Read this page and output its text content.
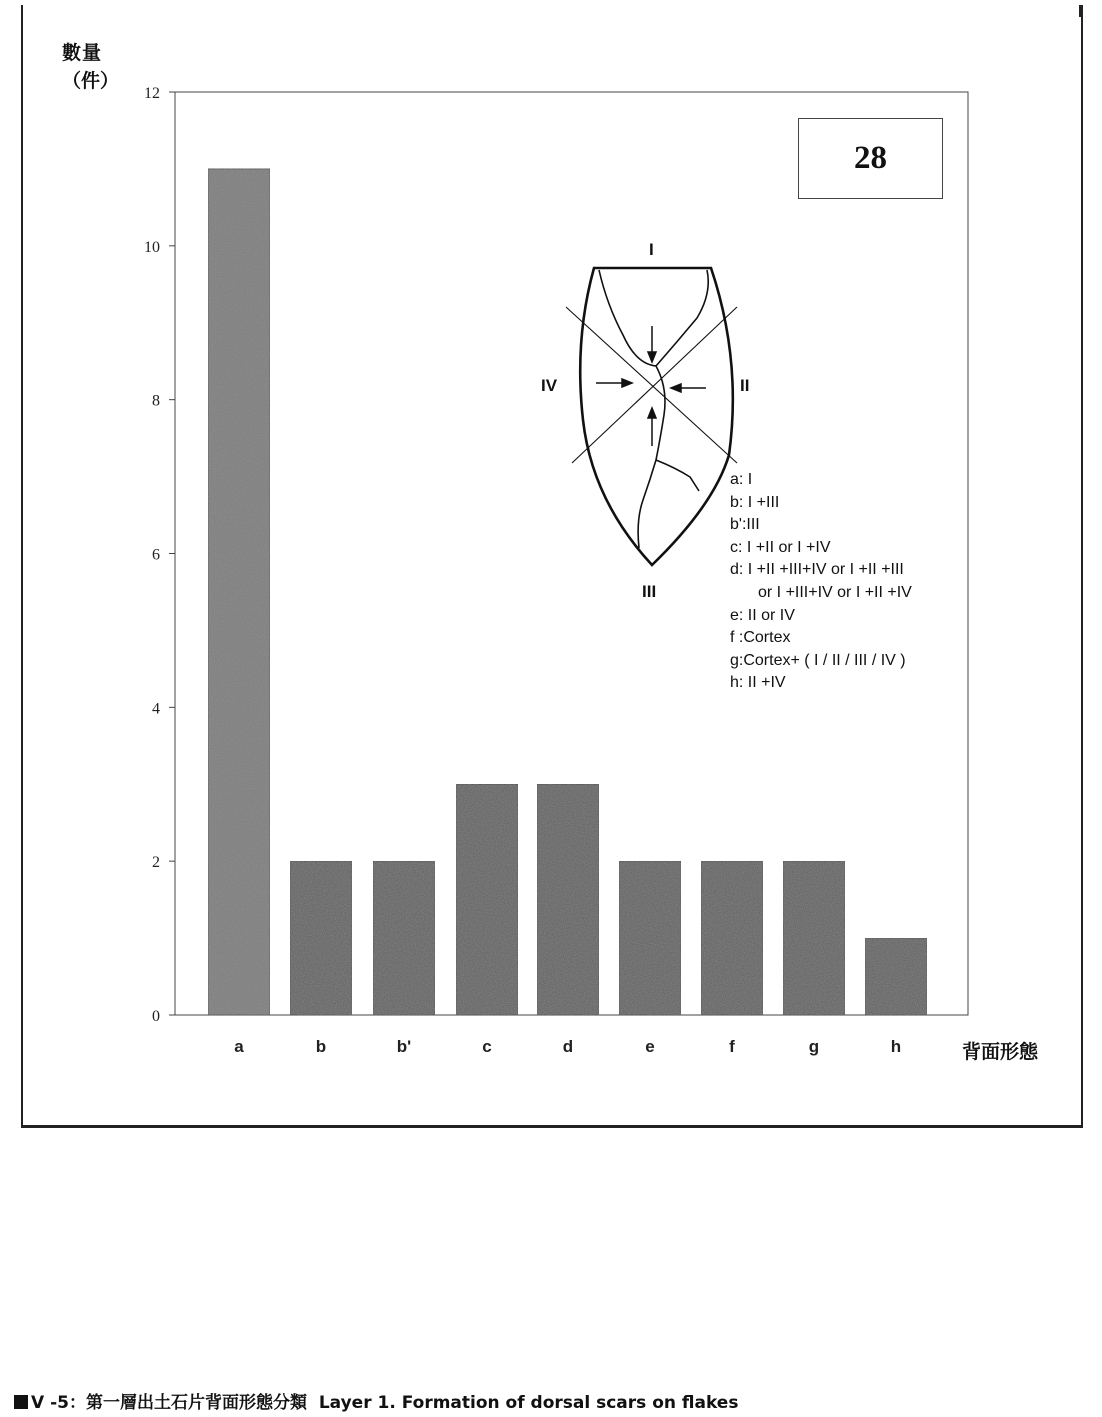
數量
（件）
背面形態
0
2
4
6
8
10
12
a	b	b'	c	d	e	f	g	h
I
II
III
IV
28
a: I
b: I +III
b':III
c: I +II or I +IV
d: I +II +III+IV or I +II +III
or I +III+IV or I +II +IV
e: II or IV
f :Cortex
g:Cortex+ ( I / II / III / IV )
h: II +IV
V -5：第一層出土石片背面形態分類 Layer 1. Formation of dorsal scars on flakes
